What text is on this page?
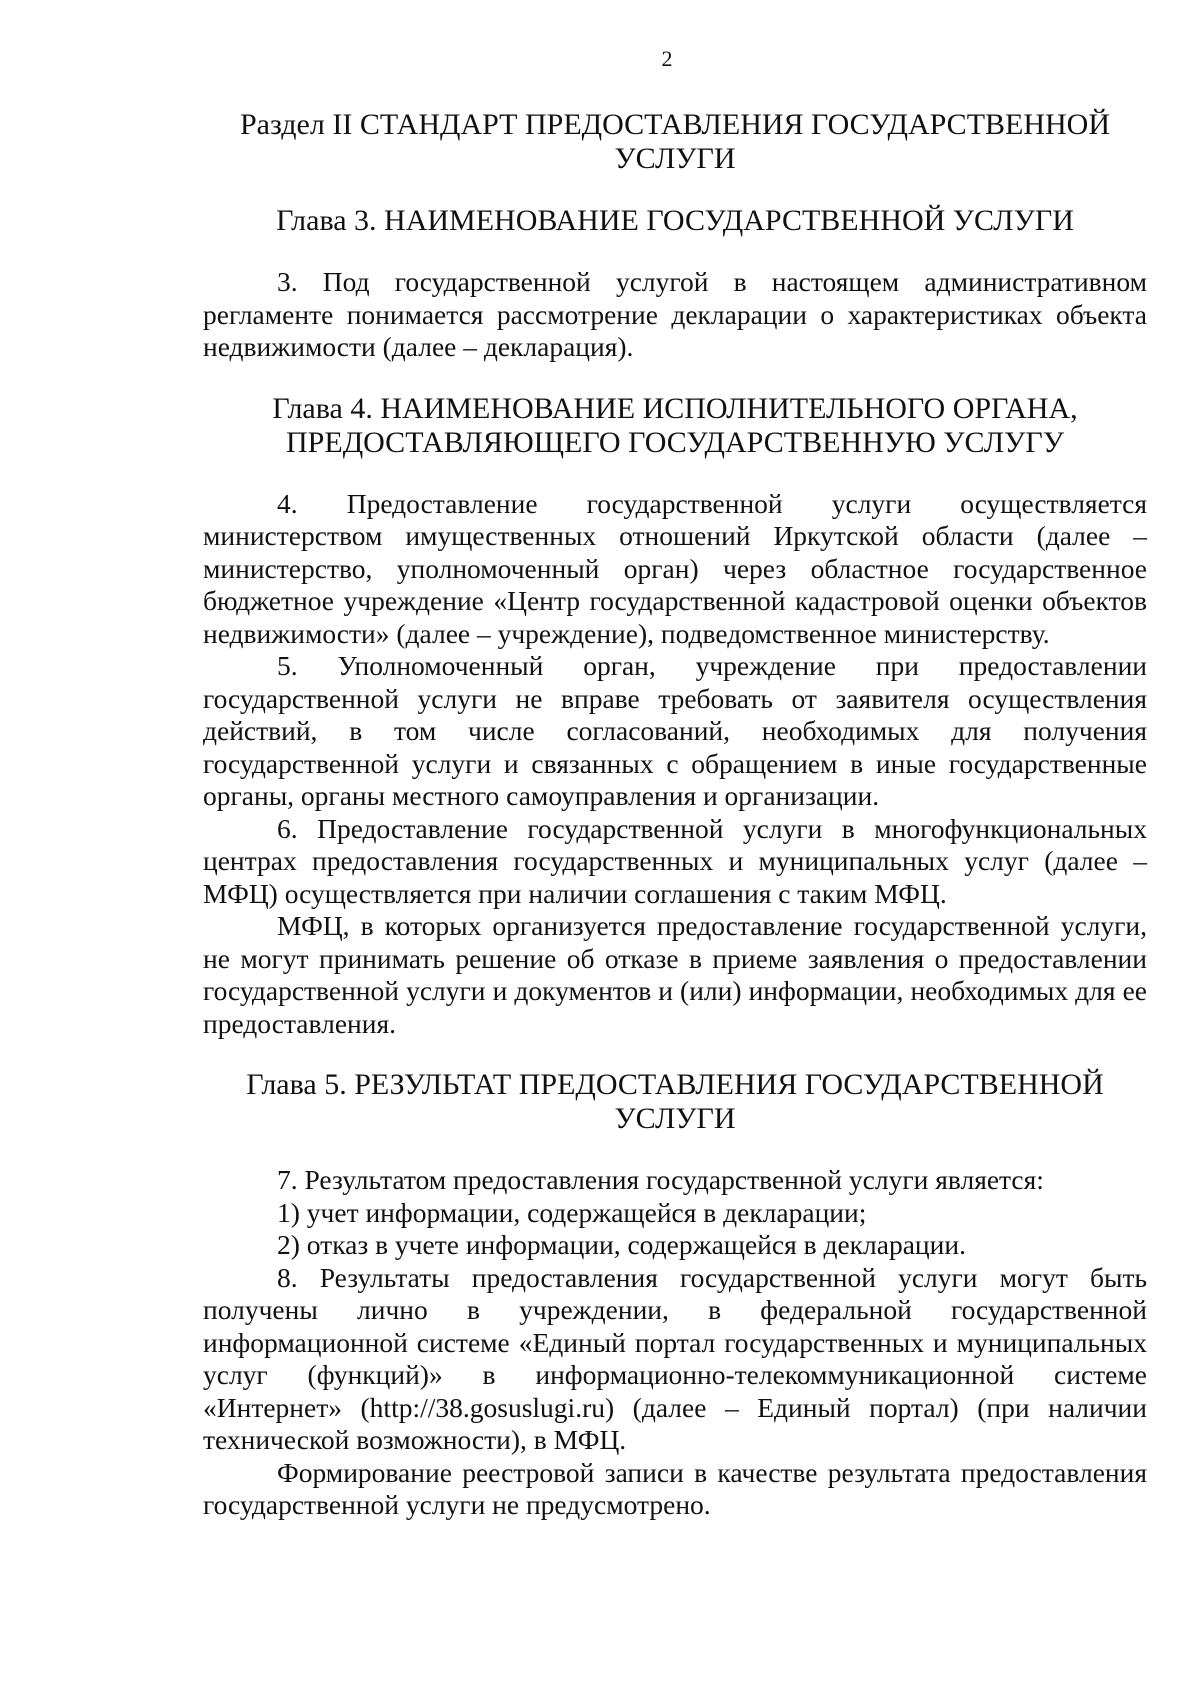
2
Раздел II СТАНДАРТ ПРЕДОСТАВЛЕНИЯ ГОСУДАРСТВЕННОЙ УСЛУГИ
Глава 3. НАИМЕНОВАНИЕ ГОСУДАРСТВЕННОЙ УСЛУГИ

3. Под государственной услугой в настоящем административном регламенте понимается рассмотрение декларации о характеристиках объекта недвижимости (далее – декларация).

Глава 4. НАИМЕНОВАНИЕ ИСПОЛНИТЕЛЬНОГО ОРГАНА, ПРЕДОСТАВЛЯЮЩЕГО ГОСУДАРСТВЕННУЮ УСЛУГУ

4. Предоставление государственной услуги осуществляется министерством имущественных отношений Иркутской области (далее – министерство, уполномоченный орган) через областное государственное бюджетное учреждение «Центр государственной кадастровой оценки объектов недвижимости» (далее – учреждение), подведомственное министерству.

5. Уполномоченный орган, учреждение при предоставлении государственной услуги не вправе требовать от заявителя осуществления действий, в том числе согласований, необходимых для получения государственной услуги и связанных с обращением в иные государственные органы, органы местного самоуправления и организации.

6. Предоставление государственной услуги в многофункциональных центрах предоставления государственных и муниципальных услуг (далее – МФЦ) осуществляется при наличии соглашения с таким МФЦ.

МФЦ, в которых организуется предоставление государственной услуги, не могут принимать решение об отказе в приеме заявления о предоставлении государственной услуги и документов и (или) информации, необходимых для ее предоставления.

Глава 5. РЕЗУЛЬТАТ ПРЕДОСТАВЛЕНИЯ ГОСУДАРСТВЕННОЙ УСЛУГИ

7. Результатом предоставления государственной услуги является:

1) учет информации, содержащейся в декларации;

2) отказ в учете информации, содержащейся в декларации.

8. Результаты предоставления государственной услуги могут быть получены лично в учреждении, в федеральной государственной информационной системе «Единый портал государственных и муниципальных услуг (функций)» в информационно-телекоммуникационной системе «Интернет» (http://38.gosuslugi.ru) (далее – Единый портал) (при наличии технической возможности), в МФЦ.

Формирование реестровой записи в качестве результата предоставления государственной услуги не предусмотрено.
